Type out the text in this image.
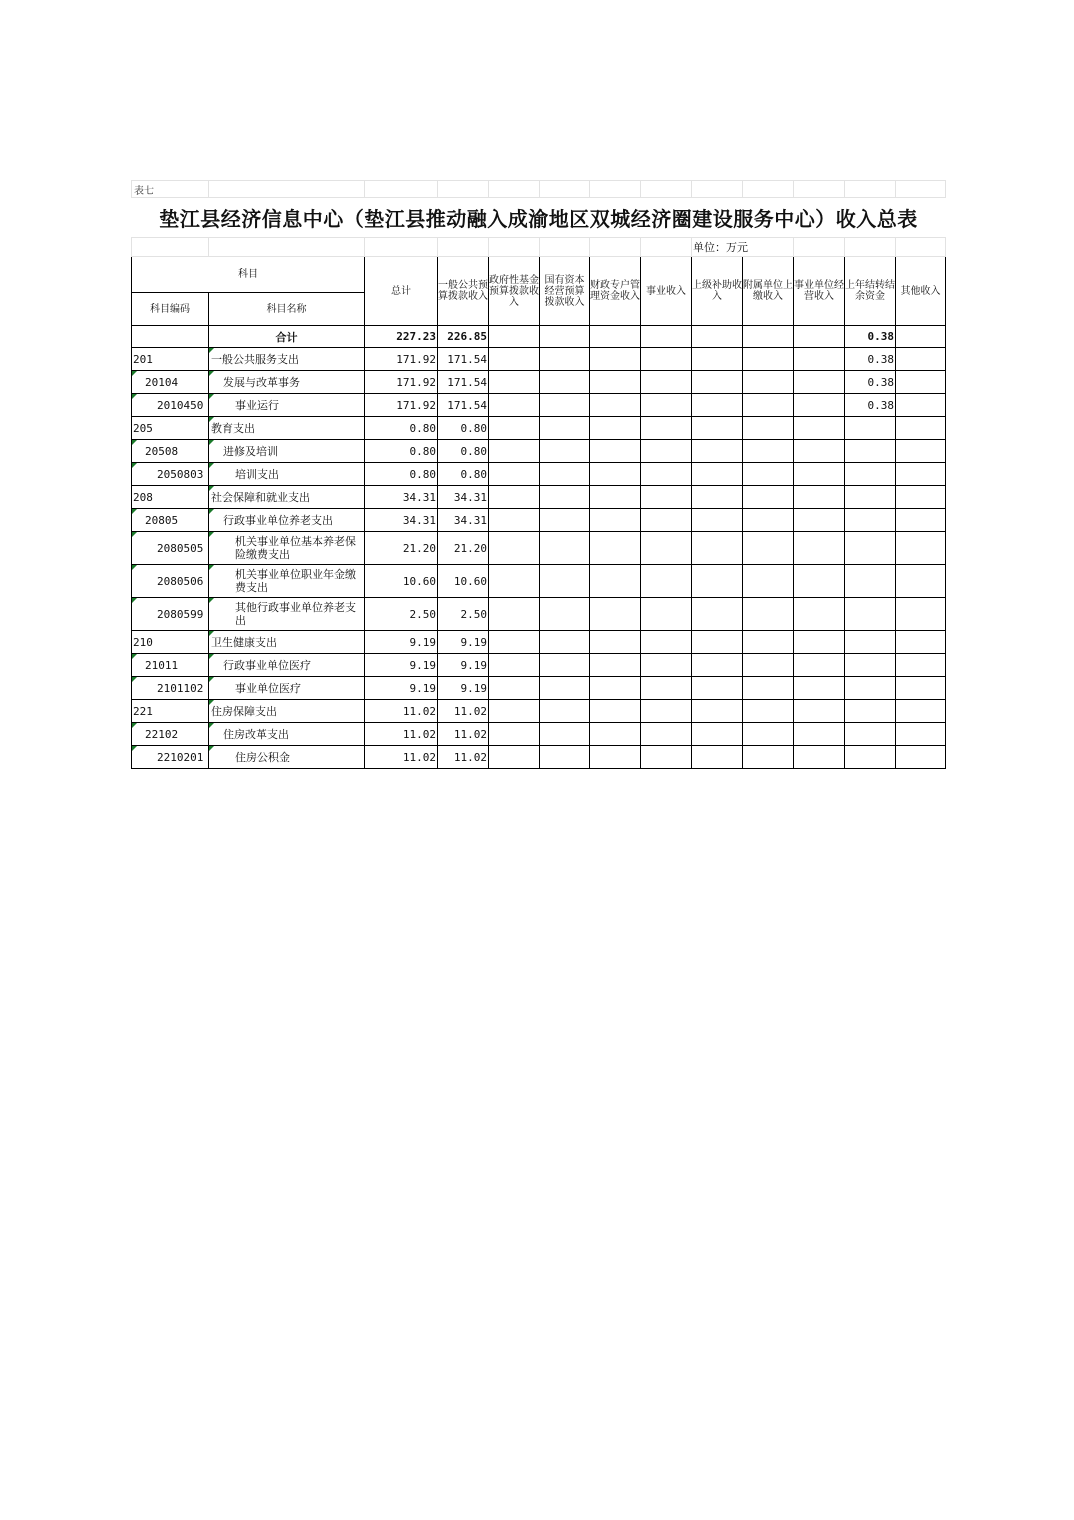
表七												
垫江县经济信息中心（垫江县推动融入成渝地区双城经济圈建设服务中心）收入总表												
								单位：万元				
科目		总计	一般公共预算拨款收入	政府性基金预算拨款收入	国有资本经营预算拨款收入	财政专户管理资金收入	事业收入	上级补助收入	附属单位上缴收入	事业单位经营收入	上年结转结余资金	其他收入
科目编码	科目名称											
	合计	227.23	226.85								0.38	
201	一般公共服务支出	171.92	171.54								0.38	
20104	发展与改革事务	171.92	171.54								0.38	
2010450	事业运行	171.92	171.54								0.38	
205	教育支出	0.80	0.80									
20508	进修及培训	0.80	0.80									
2050803	培训支出	0.80	0.80									
208	社会保障和就业支出	34.31	34.31									
20805	行政事业单位养老支出	34.31	34.31									
2080505	机关事业单位基本养老保险缴费支出	21.20	21.20									
2080506	机关事业单位职业年金缴费支出	10.60	10.60									
2080599	其他行政事业单位养老支出	2.50	2.50									
210	卫生健康支出	9.19	9.19									
21011	行政事业单位医疗	9.19	9.19									
2101102	事业单位医疗	9.19	9.19									
221	住房保障支出	11.02	11.02									
22102	住房改革支出	11.02	11.02									
2210201	住房公积金	11.02	11.02									
